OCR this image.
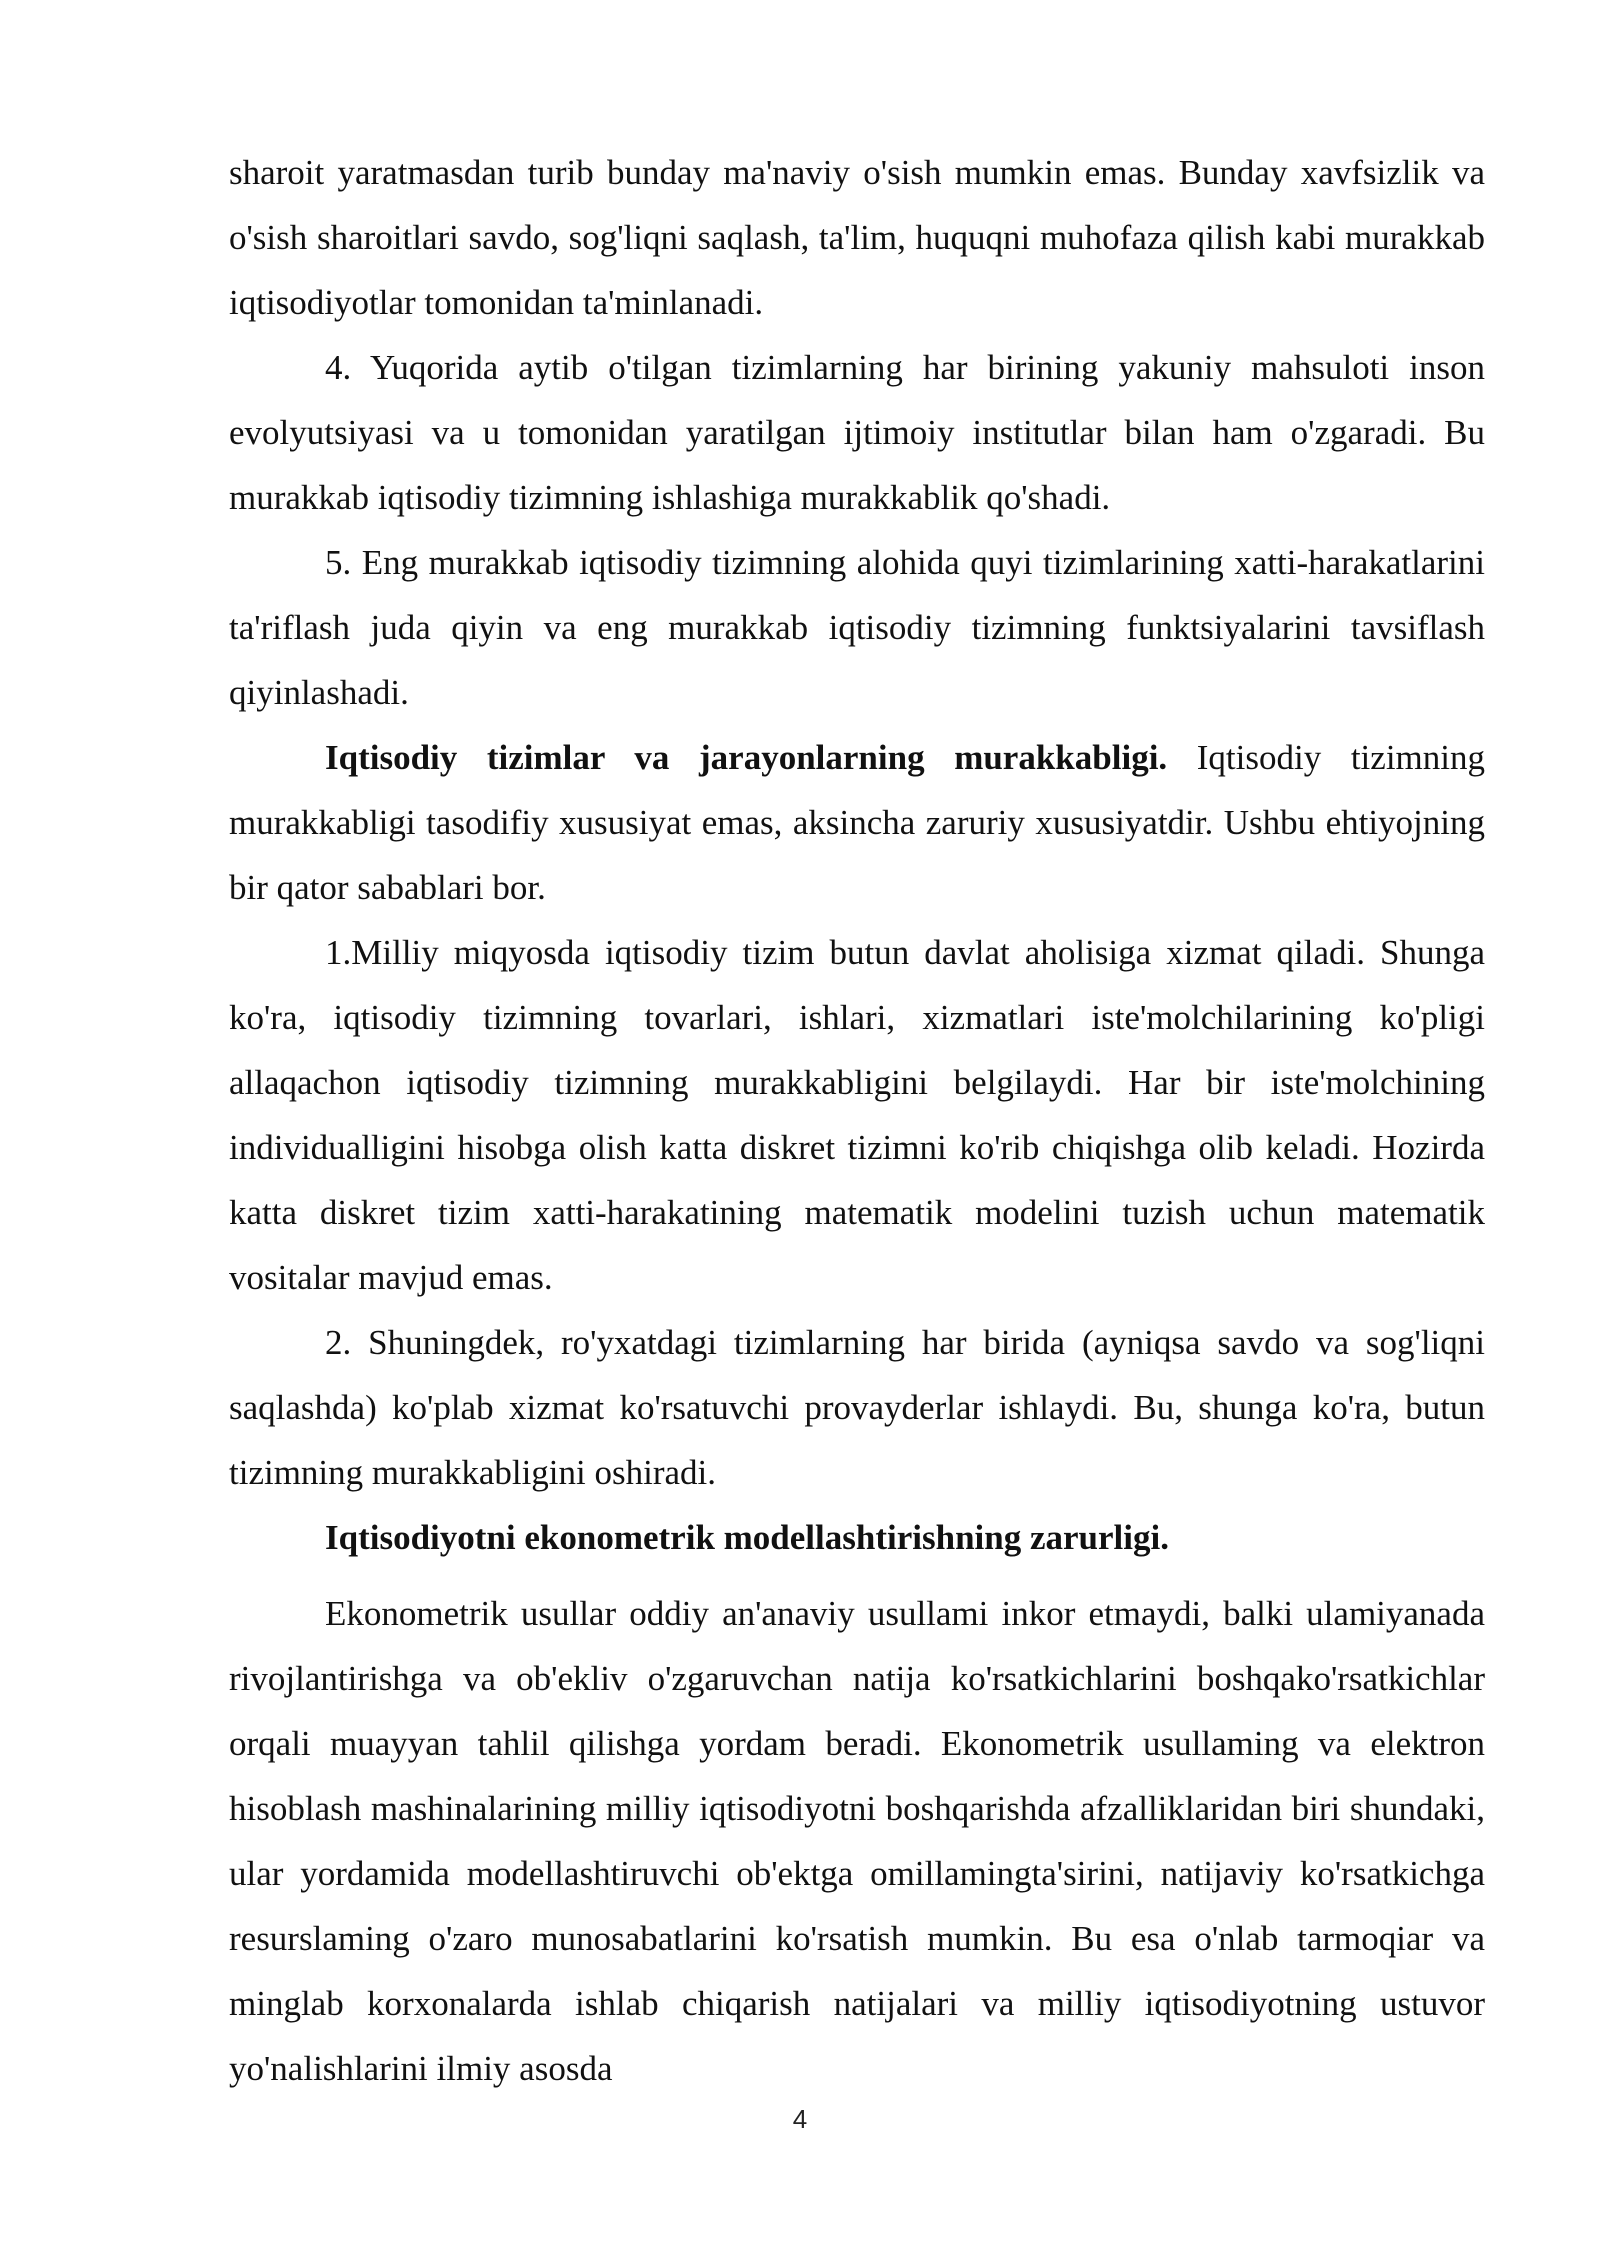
sharoit yaratmasdan turib bunday ma'naviy o'sish mumkin emas. Bunday xavfsizlik va o'sish sharoitlari savdo, sog'liqni saqlash, ta'lim, huquqni muhofaza qilish kabi murakkab iqtisodiyotlar tomonidan ta'minlanadi.

4. Yuqorida aytib o'tilgan tizimlarning har birining yakuniy mahsuloti inson evolyutsiyasi va u tomonidan yaratilgan ijtimoiy institutlar bilan ham o'zgaradi. Bu murakkab iqtisodiy tizimning ishlashiga murakkablik qo'shadi.

5. Eng murakkab iqtisodiy tizimning alohida quyi tizimlarining xatti-harakatlarini ta'riflash juda qiyin va eng murakkab iqtisodiy tizimning funktsiyalarini tavsiflash qiyinlashadi.

Iqtisodiy tizimlar va jarayonlarning murakkabligi. Iqtisodiy tizimning murakkabligi tasodifiy xususiyat emas, aksincha zaruriy xususiyatdir. Ushbu ehtiyojning bir qator sabablari bor.

1.Milliy miqyosda iqtisodiy tizim butun davlat aholisiga xizmat qiladi. Shunga ko'ra, iqtisodiy tizimning tovarlari, ishlari, xizmatlari iste'molchilarining ko'pligi allaqachon iqtisodiy tizimning murakkabligini belgilaydi. Har bir iste'molchining individualligini hisobga olish katta diskret tizimni ko'rib chiqishga olib keladi. Hozirda katta diskret tizim xatti-harakatining matematik modelini tuzish uchun matematik vositalar mavjud emas.

2. Shuningdek, ro'yxatdagi tizimlarning har birida (ayniqsa savdo va sog'liqni saqlashda) ko'plab xizmat ko'rsatuvchi provayderlar ishlaydi. Bu, shunga ko'ra, butun tizimning murakkabligini oshiradi.

Iqtisodiyotni ekonometrik modellashtirishning zarurligi.

Ekonometrik usullar oddiy an'anaviy usullami inkor etmaydi, balki ulamiyanada rivojlantirishga va ob'ekliv o'zgaruvchan natija ko'rsatkichlarini boshqako'rsatkichlar orqali muayyan tahlil qilishga yordam beradi. Ekonometrik usullaming va elektron hisoblash mashinalarining milliy iqtisodiyotni boshqarishda afzalliklaridan biri shundaki, ular yordamida modellashtiruvchi ob'ektga omillamingta'sirini, natijaviy ko'rsatkichga resurslaming o'zaro munosabatlarini ko'rsatish mumkin. Bu esa o'nlab tarmoqiar va minglab korxonalarda ishlab chiqarish natijalari va milliy iqtisodiyotning ustuvor yo'nalishlarini ilmiy asosda

4
